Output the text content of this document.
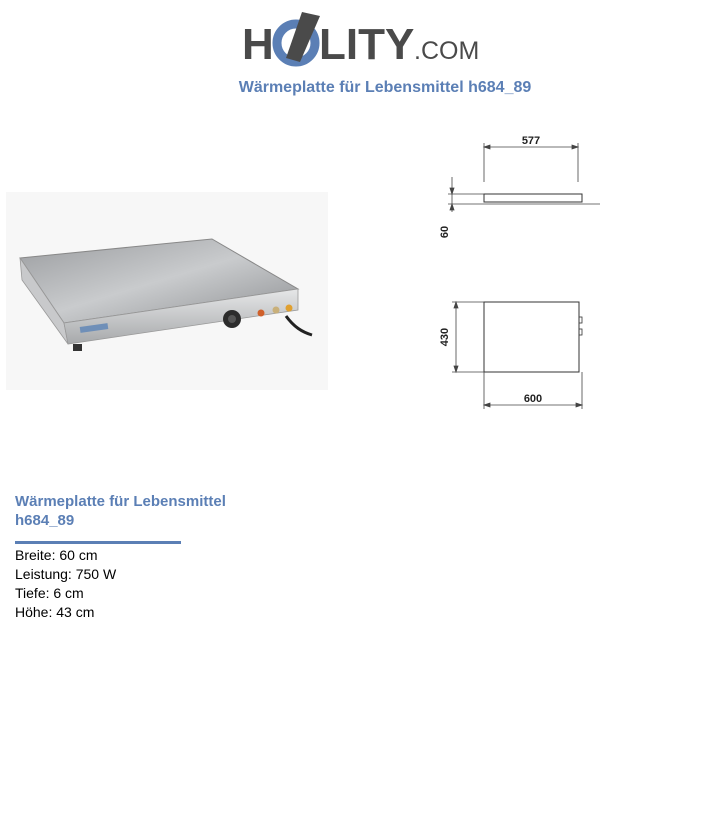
H LITY .COM
Wärmeplatte für Lebensmittel h684_89
577
60
430
600
Wärmeplatte für Lebensmittel
h684_89
Breite: 60 cm
Leistung: 750 W
Tiefe: 6 cm
Höhe: 43 cm
